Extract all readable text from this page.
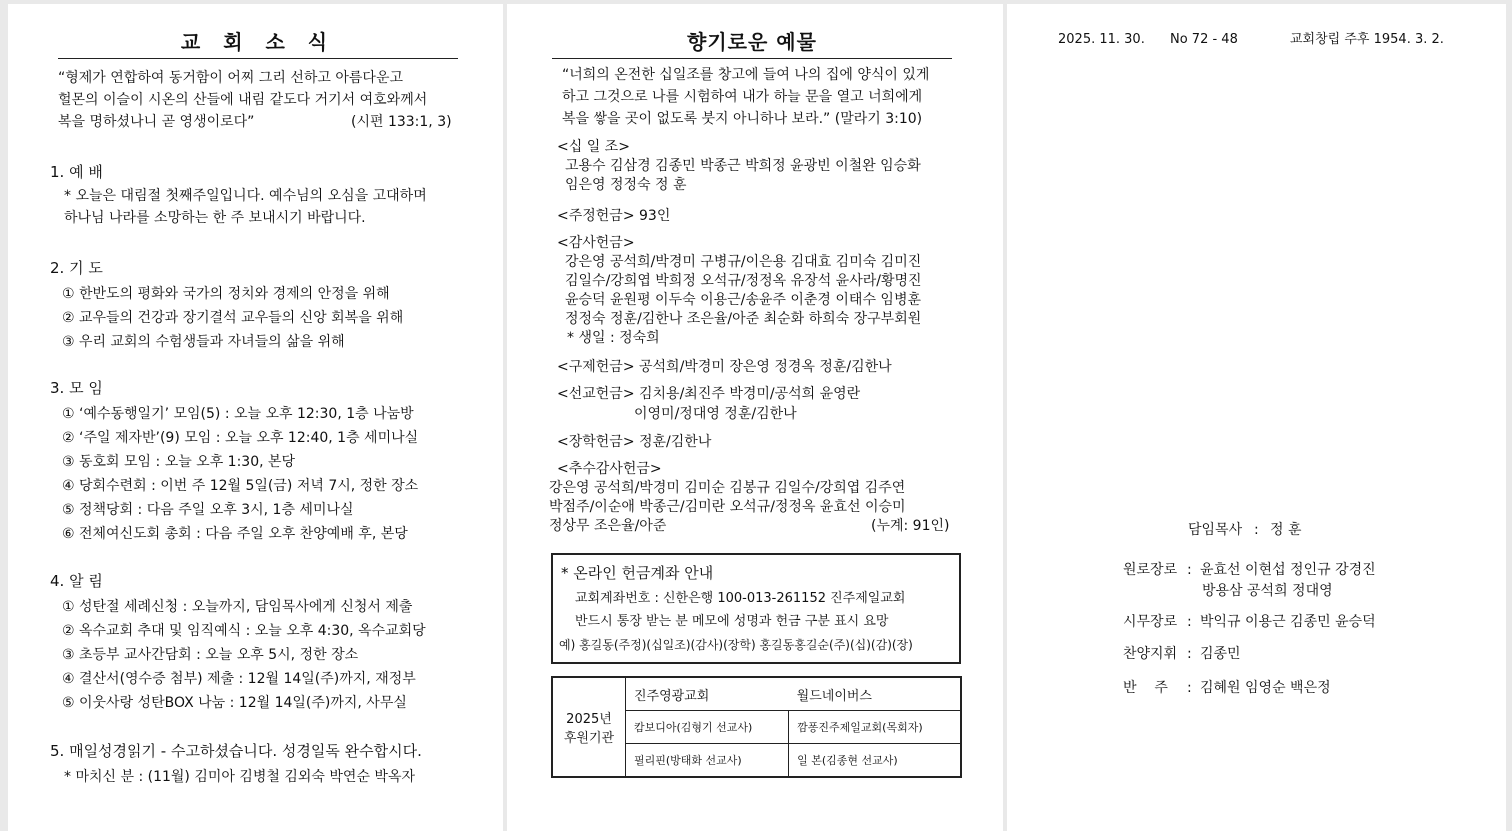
교 회 소 식
“형제가 연합하여 동거함이 어찌 그리 선하고 아름다운고
헐몬의 이슬이 시온의 산들에 내림 같도다 거기서 여호와께서
복을 명하셨나니 곧 영생이로다”	(시편 133:1, 3)
1. 예 배
* 오늘은 대림절 첫째주일입니다. 예수님의 오심을 고대하며
하나님 나라를 소망하는 한 주 보내시기 바랍니다.
2. 기 도
① 한반도의 평화와 국가의 정치와 경제의 안정을 위해
② 교우들의 건강과 장기결석 교우들의 신앙 회복을 위해
③ 우리 교회의 수험생들과 자녀들의 삶을 위해
3. 모 임
① ‘예수동행일기’ 모임(5) : 오늘 오후 12:30, 1층 나눔방
② ‘주일 제자반’(9) 모임 : 오늘 오후 12:40, 1층 세미나실
③ 동호회 모임 : 오늘 오후 1:30, 본당
④ 당회수련회 : 이번 주 12월 5일(금) 저녁 7시, 정한 장소
⑤ 정책당회 : 다음 주일 오후 3시, 1층 세미나실
⑥ 전체여신도회 총회 : 다음 주일 오후 찬양예배 후, 본당
4. 알 림
① 성탄절 세례신청 : 오늘까지, 담임목사에게 신청서 제출
② 옥수교회 추대 및 임직예식 : 오늘 오후 4:30, 옥수교회당
③ 초등부 교사간담회 : 오늘 오후 5시, 정한 장소
④ 결산서(영수증 첨부) 제출 : 12월 14일(주)까지, 재정부
⑤ 이웃사랑 성탄BOX 나눔 : 12월 14일(주)까지, 사무실
5. 매일성경읽기 - 수고하셨습니다. 성경일독 완수합시다.
* 마치신 분 : (11월) 김미아 김병철 김외숙 박연순 박옥자
향기로운 예물
“너희의 온전한 십일조를 창고에 들여 나의 집에 양식이 있게
하고 그것으로 나를 시험하여 내가 하늘 문을 열고 너희에게
복을 쌓을 곳이 없도록 붓지 아니하나 보라.” (말라기 3:10)
<십 일 조>
고용수 김삼경 김종민 박종근 박희정 윤광빈 이철완 임승화
임은영 정정숙 정 훈
<주정헌금> 93인
<감사헌금>
강은영 공석희/박경미 구병규/이은용 김대효 김미숙 김미진
김일수/강희엽 박희정 오석규/정정옥 유장석 윤사라/황명진
윤승덕 윤원평 이두숙 이용근/송윤주 이춘경 이태수 임병훈
정정숙 정훈/김한나 조은율/아준 최순화 하희숙 장구부회원
* 생일 : 정숙희
<구제헌금> 공석희/박경미 장은영 정경옥 정훈/김한나
<선교헌금> 김치용/최진주 박경미/공석희 윤영란
이영미/정대영 정훈/김한나
<장학헌금> 정훈/김한나
<추수감사헌금>
강은영 공석희/박경미 김미순 김봉규 김일수/강희엽 김주연
박점주/이순애 박종근/김미란 오석규/정정옥 윤효선 이승미
정상무 조은율/아준	(누계: 91인)
* 온라인 헌금계좌 안내
교회계좌번호 : 신한은행 100-013-261152 진주제일교회
반드시 통장 받는 분 메모에 성명과 헌금 구분 표시 요망
예) 홍길동(주정)(십일조)(감사)(장학) 홍길동홍길순(주)(십)(감)(장)
2025년
후원기관	진주영광교회	월드네이버스
	캄보디아(김형기 선교사)	깜퐁진주제일교회(목회자)
	필리핀(방태화 선교사)	일 본(김종현 선교사)
2025. 11. 30. No 72 - 48	교회창립 주후 1954. 3. 2.
담임목사 : 정 훈
원로장로 : 윤효선 이현섭 정인규 강경진
방용삼 공석희 정대영
시무장로 : 박익규 이용근 김종민 윤승덕
찬양지휘 : 김종민
반    주 : 김혜원 임영순 백은정
